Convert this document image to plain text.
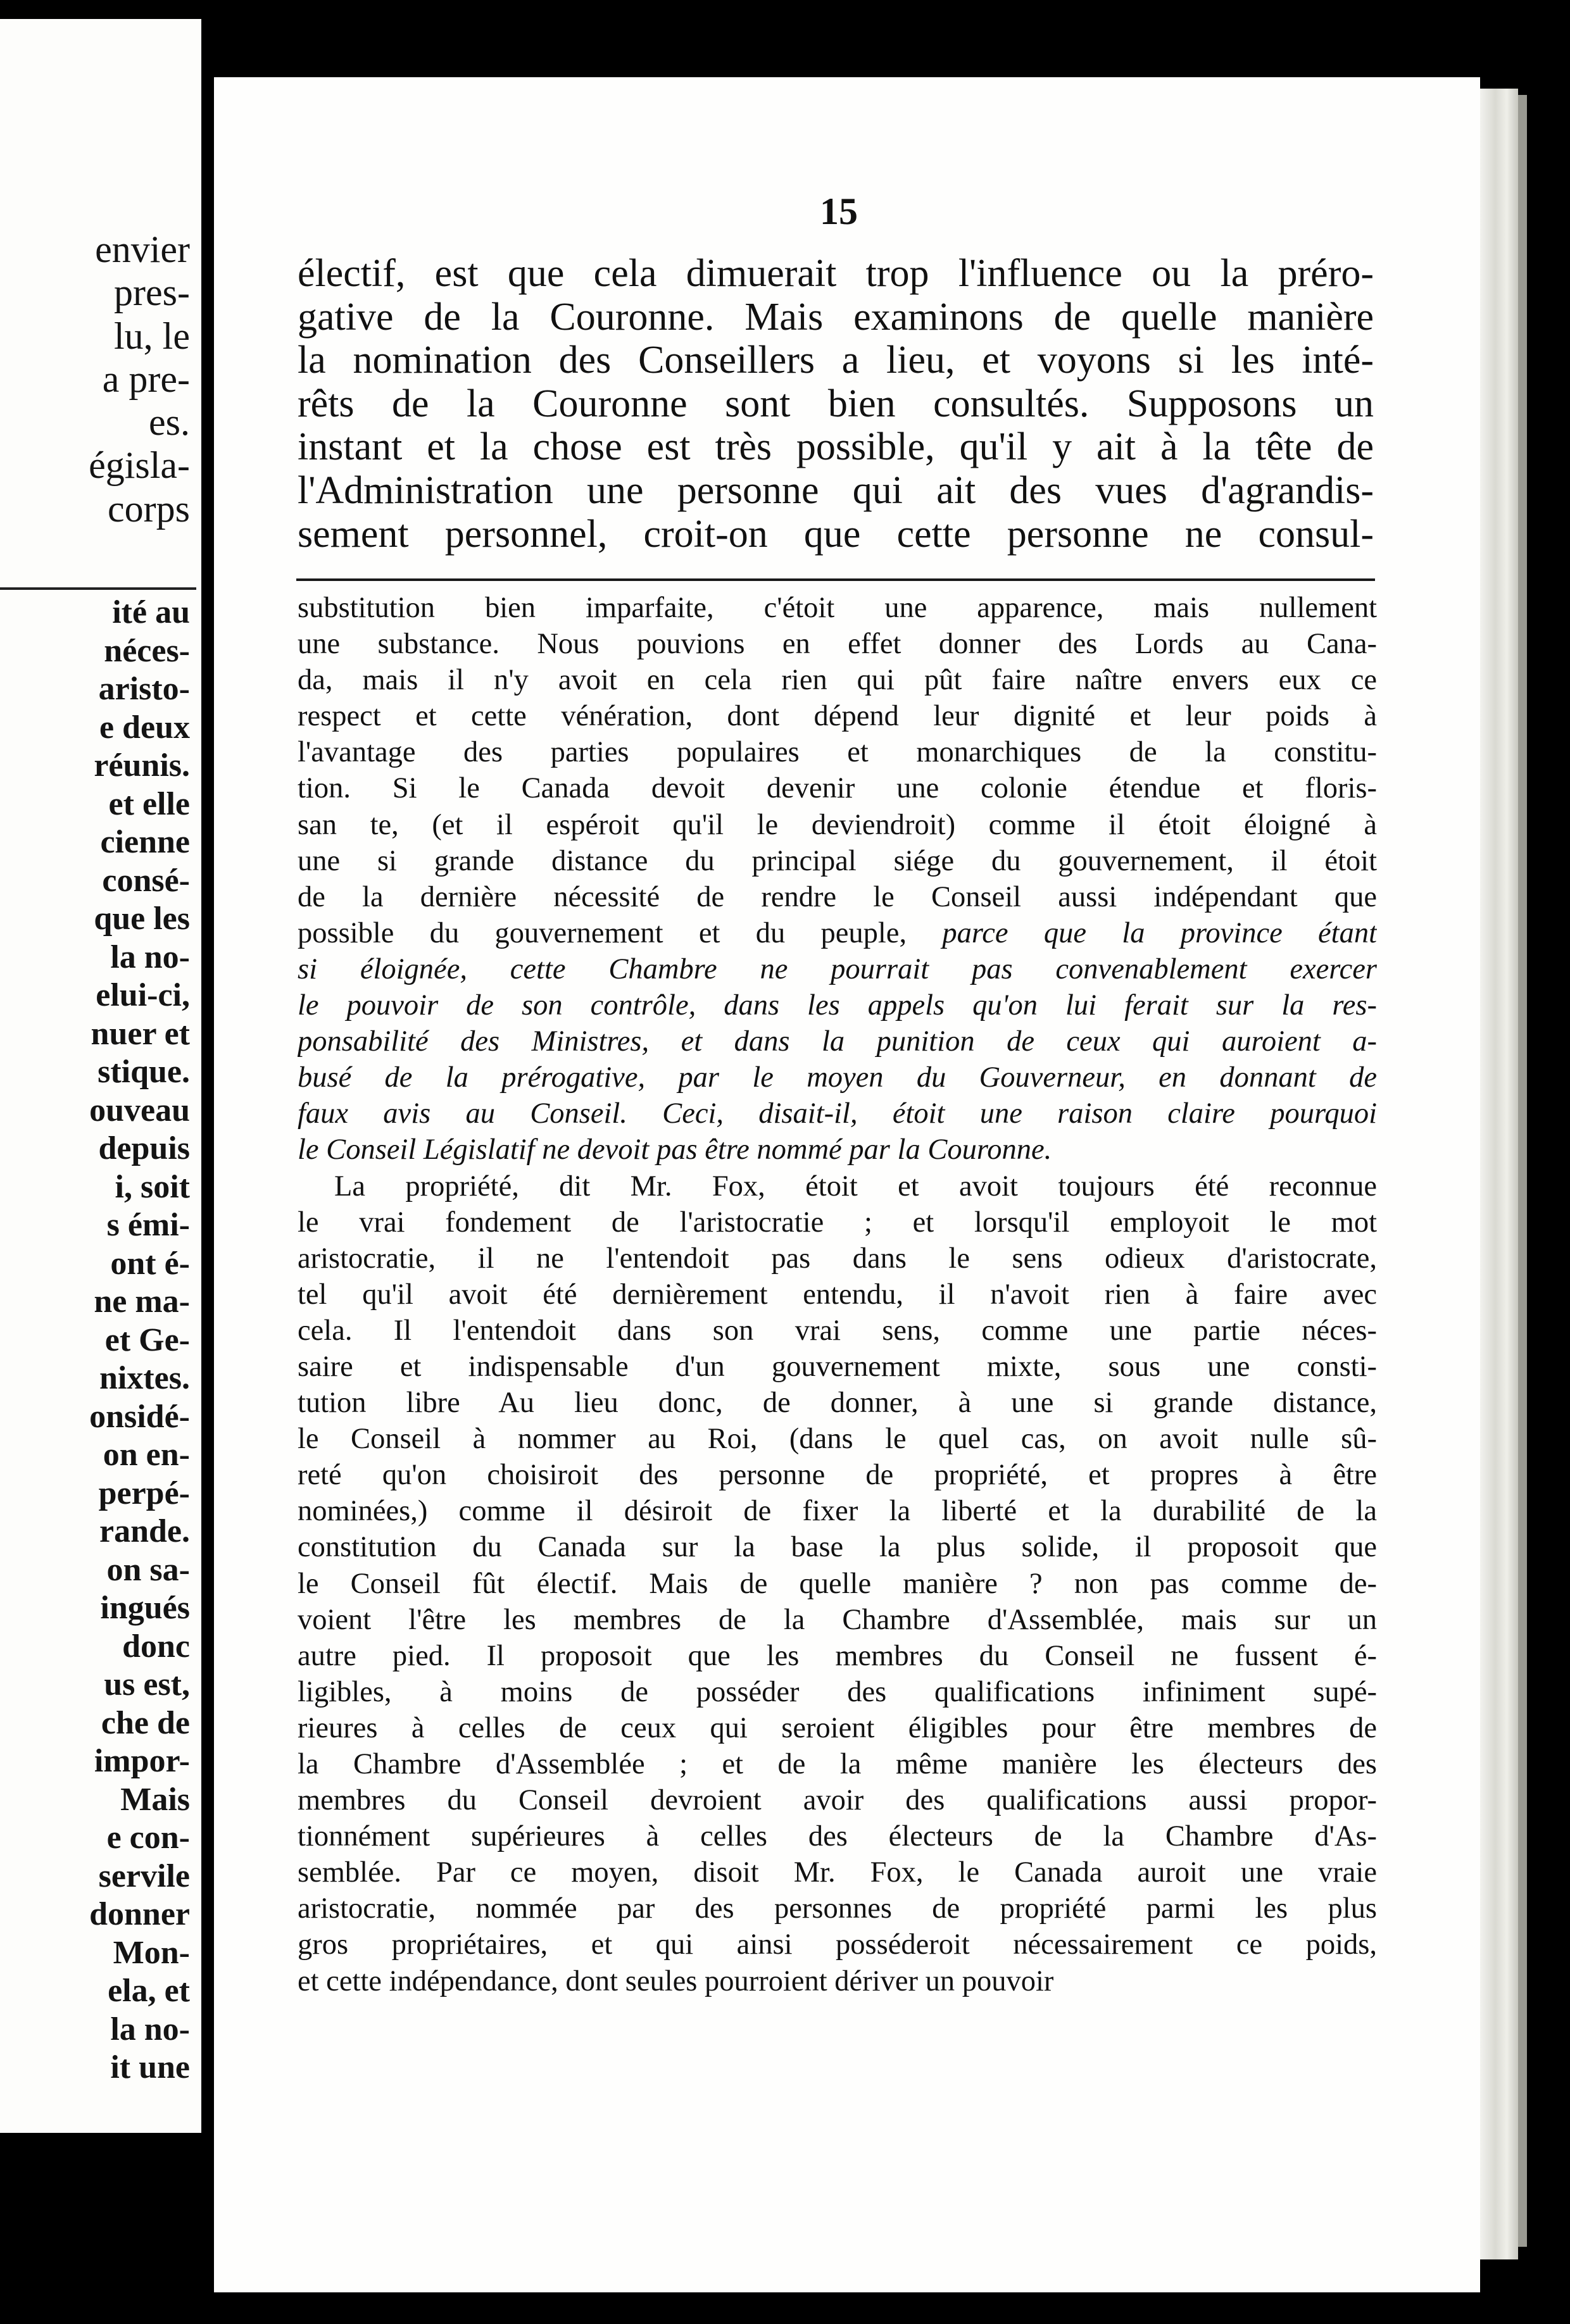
envier
pres-
lu, le
a pre-
es.
égisla-
corps
ité au
néces-
aristo-
e deux
réunis.
et elle
cienne
consé-
que les
la no-
elui-ci,
nuer et
stique.
ouveau
depuis
i, soit
s émi-
ont é-
ne ma-
et Ge-
nixtes.
onsidé-
on en-
perpé-
rande.
on sa-
ingués
donc
us est,
che de
impor-
Mais
e con-
servile
donner
Mon-
ela, et
la no-
it une
15
électif, est que cela dimuerait trop l'influence ou la préro-
gative de la Couronne. Mais examinons de quelle manière
la nomination des Conseillers a lieu, et voyons si les inté-
rêts de la Couronne sont bien consultés. Supposons un
instant et la chose est très possible, qu'il y ait à la tête de
l'Administration une personne qui ait des vues d'agrandis-
sement personnel, croit-on que cette personne ne consul-
substitution bien imparfaite, c'étoit une apparence, mais nullement
une substance. Nous pouvions en effet donner des Lords au Cana-
da, mais il n'y avoit en cela rien qui pût faire naître envers eux ce
respect et cette vénération, dont dépend leur dignité et leur poids à
l'avantage des parties populaires et monarchiques de la constitu-
tion. Si le Canada devoit devenir une colonie étendue et floris-
san te, (et il espéroit qu'il le deviendroit) comme il étoit éloigné à
une si grande distance du principal siége du gouvernement, il étoit
de la dernière nécessité de rendre le Conseil aussi indépendant que
possible du gouvernement et du peuple, parce que la province étant
si éloignée, cette Chambre ne pourrait pas convenablement exercer
le pouvoir de son contrôle, dans les appels qu'on lui ferait sur la res-
ponsabilité des Ministres, et dans la punition de ceux qui auroient a-
busé de la prérogative, par le moyen du Gouverneur, en donnant de
faux avis au Conseil. Ceci, disait-il, étoit une raison claire pourquoi
le Conseil Législatif ne devoit pas être nommé par la Couronne.
La propriété, dit Mr. Fox, étoit et avoit toujours été reconnue
le vrai fondement de l'aristocratie ; et lorsqu'il employoit le mot
aristocratie, il ne l'entendoit pas dans le sens odieux d'aristocrate,
tel qu'il avoit été dernièrement entendu, il n'avoit rien à faire avec
cela. Il l'entendoit dans son vrai sens, comme une partie néces-
saire et indispensable d'un gouvernement mixte, sous une consti-
tution libre Au lieu donc, de donner, à une si grande distance,
le Conseil à nommer au Roi, (dans le quel cas, on avoit nulle sû-
reté qu'on choisiroit des personne de propriété, et propres à être
nominées,) comme il désiroit de fixer la liberté et la durabilité de la
constitution du Canada sur la base la plus solide, il proposoit que
le Conseil fût électif. Mais de quelle manière ? non pas comme de-
voient l'être les membres de la Chambre d'Assemblée, mais sur un
autre pied. Il proposoit que les membres du Conseil ne fussent é-
ligibles, à moins de posséder des qualifications infiniment supé-
rieures à celles de ceux qui seroient éligibles pour être membres de
la Chambre d'Assemblée ; et de la même manière les électeurs des
membres du Conseil devroient avoir des qualifications aussi propor-
tionnément supérieures à celles des électeurs de la Chambre d'As-
semblée. Par ce moyen, disoit Mr. Fox, le Canada auroit une vraie
aristocratie, nommée par des personnes de propriété parmi les plus
gros propriétaires, et qui ainsi posséderoit nécessairement ce poids,
et cette indépendance, dont seules pourroient dériver un pouvoir
